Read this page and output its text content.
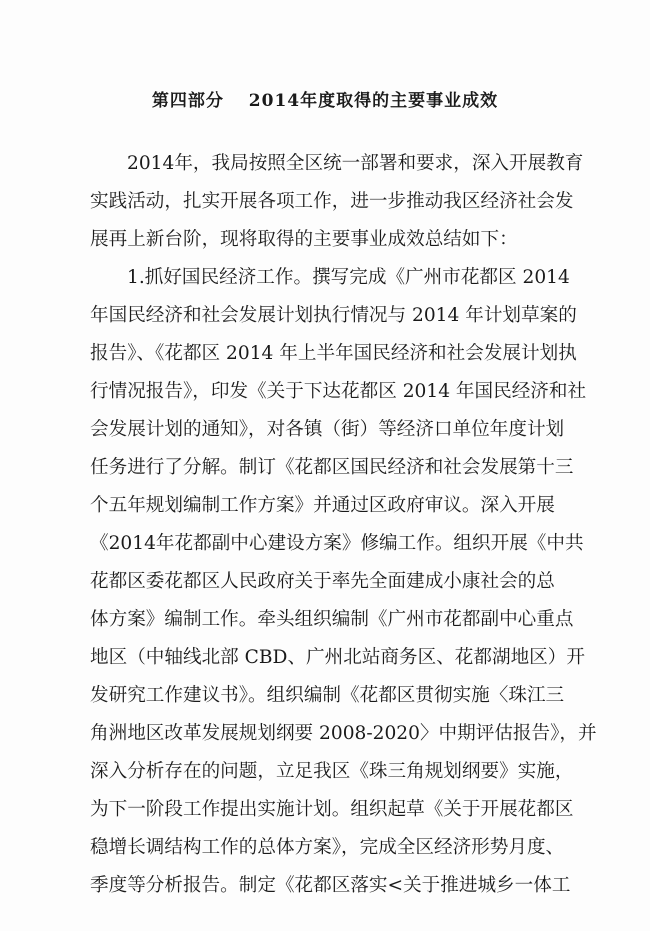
第四部分　 2014年度取得的主要事业成效
2014年，我局按照全区统一部署和要求，深入开展教育
实践活动，扎实开展各项工作，进一步推动我区经济社会发
展再上新台阶，现将取得的主要事业成效总结如下：
1.抓好国民经济工作。撰写完成《广州市花都区 2014
年国民经济和社会发展计划执行情况与 2014 年计划草案的
报告》、《花都区 2014 年上半年国民经济和社会发展计划执
行情况报告》，印发《关于下达花都区 2014 年国民经济和社
会发展计划的通知》，对各镇（街）等经济口单位年度计划
任务进行了分解。制订《花都区国民经济和社会发展第十三
个五年规划编制工作方案》并通过区政府审议。深入开展
《2014年花都副中心建设方案》修编工作。组织开展《中共
花都区委花都区人民政府关于率先全面建成小康社会的总
体方案》编制工作。牵头组织编制《广州市花都副中心重点
地区（中轴线北部 CBD、广州北站商务区、花都湖地区）开
发研究工作建议书》。组织编制《花都区贯彻实施〈珠江三
角洲地区改革发展规划纲要 2008-2020〉中期评估报告》，并
深入分析存在的问题，立足我区《珠三角规划纲要》实施，
为下一阶段工作提出实施计划。组织起草《关于开展花都区
稳增长调结构工作的总体方案》，完成全区经济形势月度、
季度等分析报告。制定《花都区落实<关于推进城乡一体工
